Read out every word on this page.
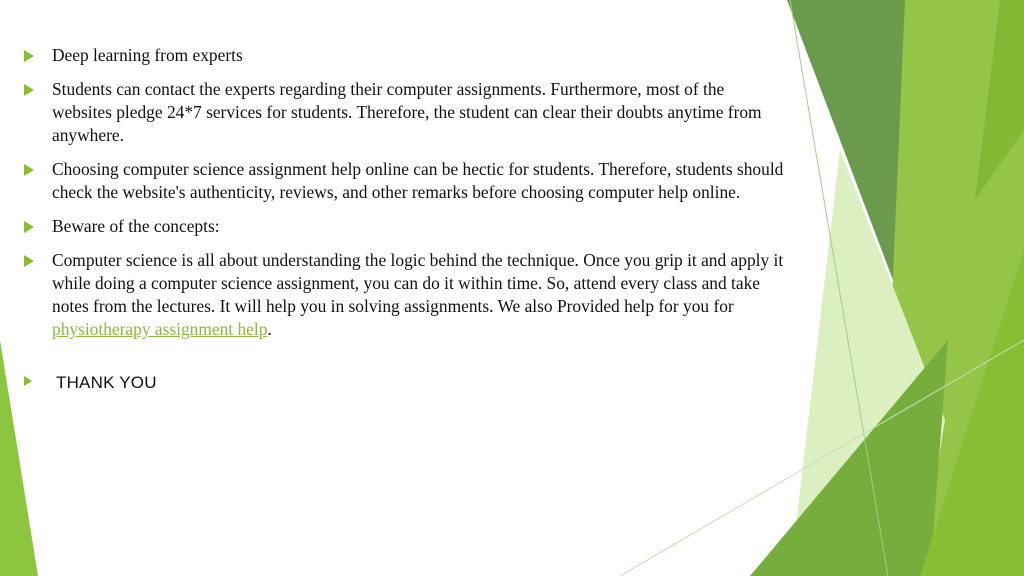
Deep learning from experts
Students can contact the experts regarding their computer assignments. Furthermore, most of the websites pledge 24*7 services for students. Therefore, the student can clear their doubts anytime from anywhere.
Choosing computer science assignment help online can be hectic for students. Therefore, students should check the website's authenticity, reviews, and other remarks before choosing computer help online.
Beware of the concepts:
Computer science is all about understanding the logic behind the technique. Once you grip it and apply it while doing a computer science assignment, you can do it within time. So, attend every class and take notes from the lectures. It will help you in solving assignments. We also Provided help for you for physiotherapy assignment help.
THANK YOU
